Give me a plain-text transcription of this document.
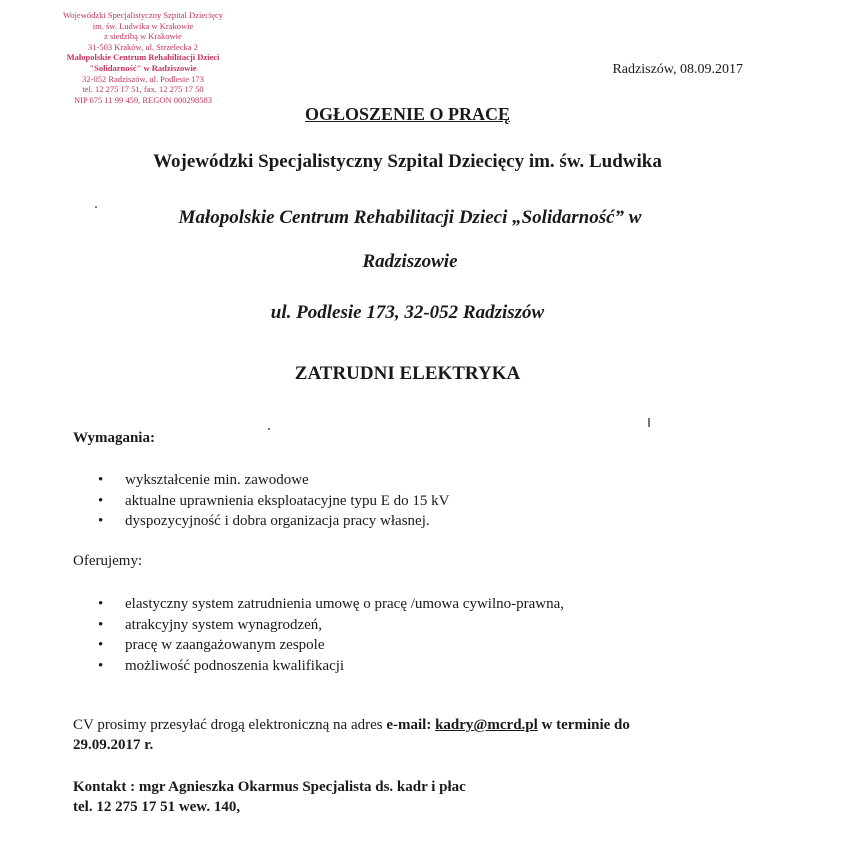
Wojewódzki Specjalistyczny Szpital Dziecięcy
im. św. Ludwika w Krakowie
z siedzibą w Krakowie
31-503 Kraków, ul. Strzelecka 2
Małopolskie Centrum Rehabilitacji Dzieci
"Solidarność" w Radziszowie
32-052 Radziszów, ul. Podlesie 173
tel. 12 275 17 51, fax. 12 275 17 50
NIP 675 11 99 459, REGON 000298583
Radziszów, 08.09.2017
OGŁOSZENIE O PRACĘ
Wojewódzki Specjalistyczny Szpital Dziecięcy im. św. Ludwika
Małopolskie Centrum Rehabilitacji Dzieci „Solidarność” w
Radziszowie
ul. Podlesie 173, 32-052 Radziszów
ZATRUDNI ELEKTRYKA
Wymagania:
• wykształcenie min. zawodowe
• aktualne uprawnienia eksploatacyjne typu E do 15 kV
• dyspozycyjność i dobra organizacja pracy własnej.
Oferujemy:
• elastyczny system zatrudnienia umowę o pracę /umowa cywilno-prawna,
• atrakcyjny system wynagrodzeń,
• pracę w zaangażowanym zespole
• możliwość podnoszenia kwalifikacji
CV prosimy przesyłać drogą elektroniczną na adres e-mail: kadry@mcrd.pl w terminie do
29.09.2017 r.
Kontakt : mgr Agnieszka Okarmus Specjalista ds. kadr i płac
tel. 12 275 17 51 wew. 140,
